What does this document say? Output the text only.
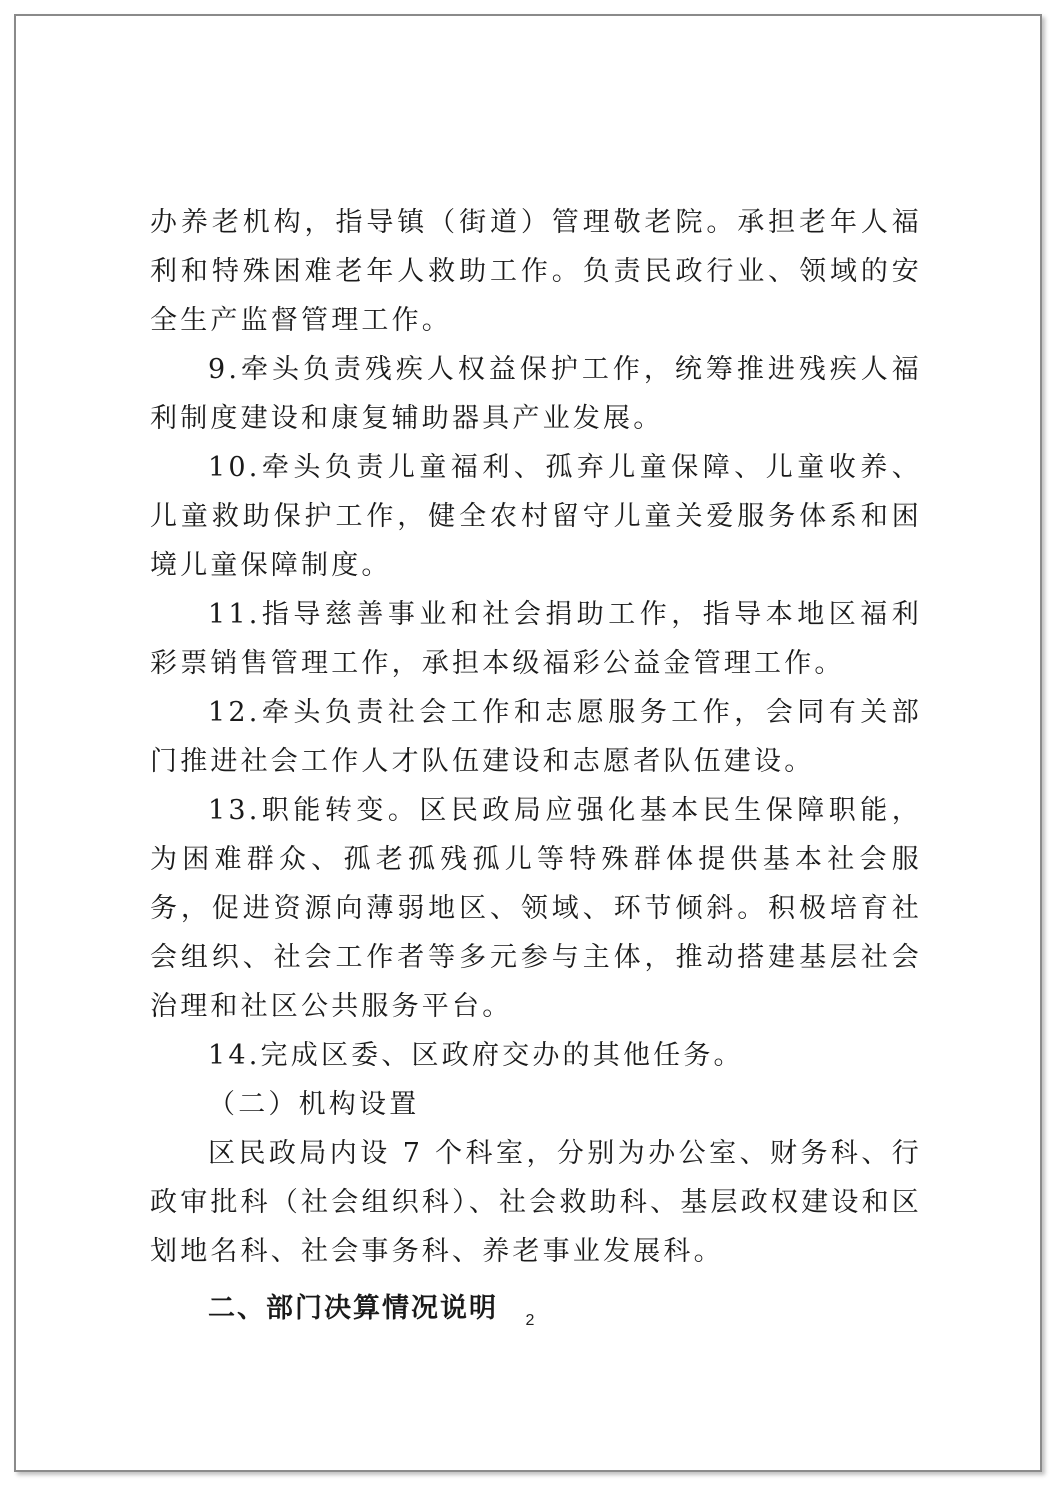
办养老机构，指导镇（街道）管理敬老院。承担老年人福利和特殊困难老年人救助工作。负责民政行业、领域的安全生产监督管理工作。

9.牵头负责残疾人权益保护工作，统筹推进残疾人福利制度建设和康复辅助器具产业发展。

10.牵头负责儿童福利、孤弃儿童保障、儿童收养、儿童救助保护工作，健全农村留守儿童关爱服务体系和困境儿童保障制度。

11.指导慈善事业和社会捐助工作，指导本地区福利彩票销售管理工作，承担本级福彩公益金管理工作。

12.牵头负责社会工作和志愿服务工作，会同有关部门推进社会工作人才队伍建设和志愿者队伍建设。

13.职能转变。区民政局应强化基本民生保障职能，为困难群众、孤老孤残孤儿等特殊群体提供基本社会服务，促进资源向薄弱地区、领域、环节倾斜。积极培育社会组织、社会工作者等多元参与主体，推动搭建基层社会治理和社区公共服务平台。

14.完成区委、区政府交办的其他任务。

（二）机构设置

区民政局内设 7 个科室，分别为办公室、财务科、行政审批科（社会组织科）、社会救助科、基层政权建设和区划地名科、社会事务科、养老事业发展科。

二、部门决算情况说明	2
